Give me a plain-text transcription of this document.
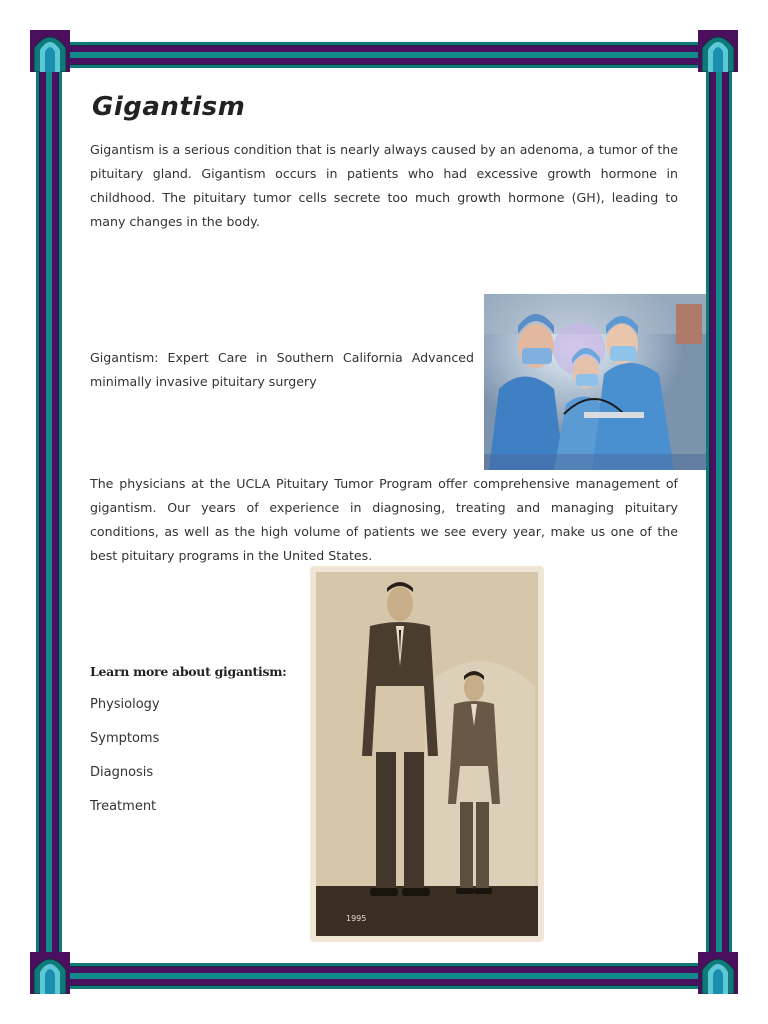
Gigantism

Gigantism is a serious condition that is nearly always caused by an adenoma, a tumor of the pituitary gland. Gigantism occurs in patients who had excessive growth hormone in childhood. The pituitary tumor cells secrete too much growth hormone (GH), leading to many changes in the body.

Gigantism: Expert Care in Southern California Advanced minimally invasive pituitary surgery

The physicians at the UCLA Pituitary Tumor Program offer comprehensive management of gigantism. Our years of experience in diagnosing, treating and managing pituitary conditions, as well as the high volume of patients we see every year, make us one of the best pituitary programs in the United States.

Learn more about gigantism:
Physiology
Symptoms
Diagnosis
Treatment
1995
